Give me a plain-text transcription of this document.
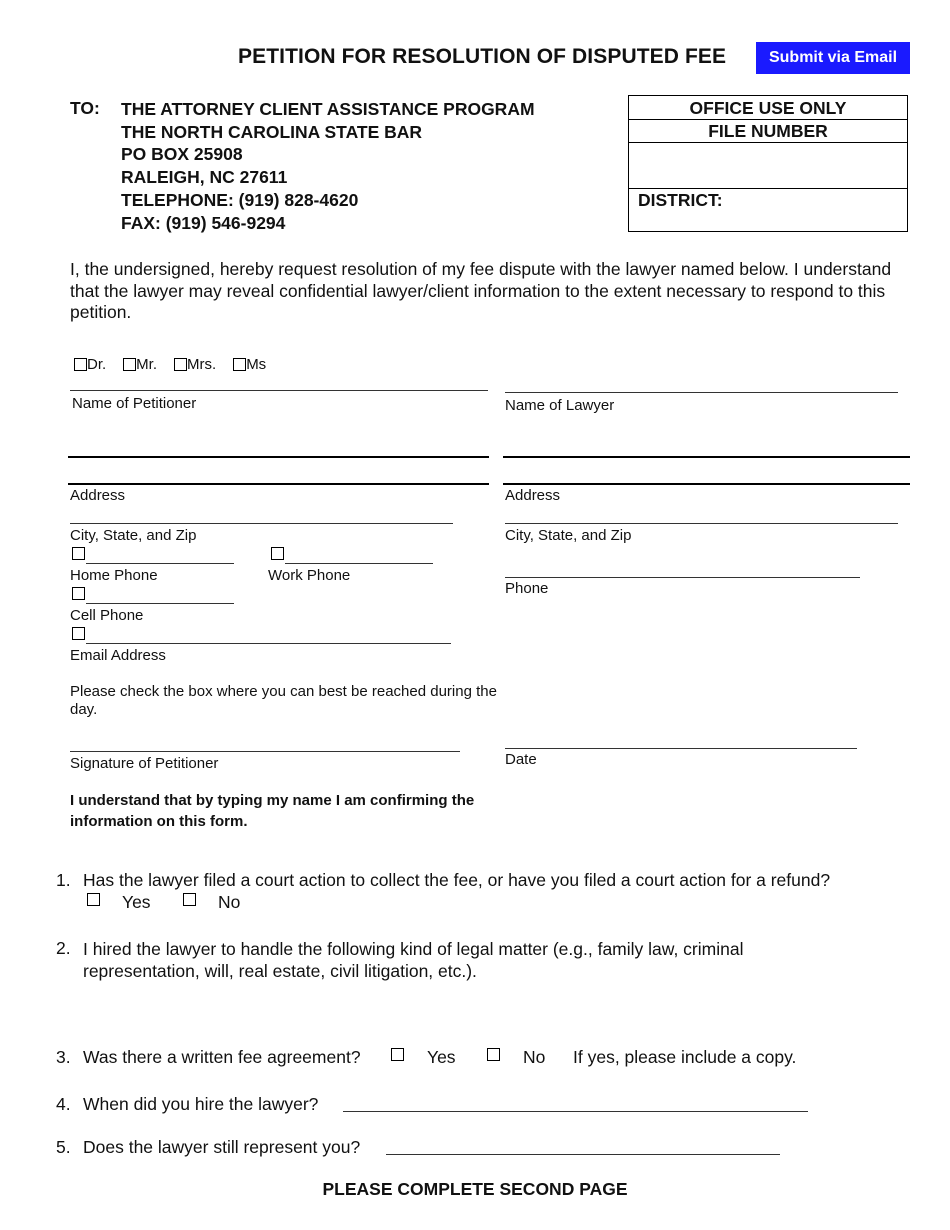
PETITION FOR RESOLUTION OF DISPUTED FEE	Submit via Email
TO: THE ATTORNEY CLIENT ASSISTANCE PROGRAM
THE NORTH CAROLINA STATE BAR
PO BOX 25908
RALEIGH, NC 27611
TELEPHONE: (919) 828-4620
FAX: (919) 546-9294
OFFICE USE ONLY
FILE NUMBER
DISTRICT:
I, the undersigned, hereby request resolution of my fee dispute with the lawyer named below. I understand that the lawyer may reveal confidential lawyer/client information to the extent necessary to respond to this petition.
Dr. Mr. Mrs. Ms
Name of Petitioner	Name of Lawyer
Address	Address
City, State, and Zip	City, State, and Zip
Home Phone	Work Phone
Phone
Cell Phone
Email Address
Please check the box where you can best be reached during the day.
Signature of Petitioner	Date
I understand that by typing my name I am confirming the information on this form.
1. Has the lawyer filed a court action to collect the fee, or have you filed a court action for a refund?
Yes	No
2. I hired the lawyer to handle the following kind of legal matter (e.g., family law, criminal representation, will, real estate, civil litigation, etc.).
3. Was there a written fee agreement?	Yes	No If yes, please include a copy.
4. When did you hire the lawyer?
5. Does the lawyer still represent you?
PLEASE COMPLETE SECOND PAGE
